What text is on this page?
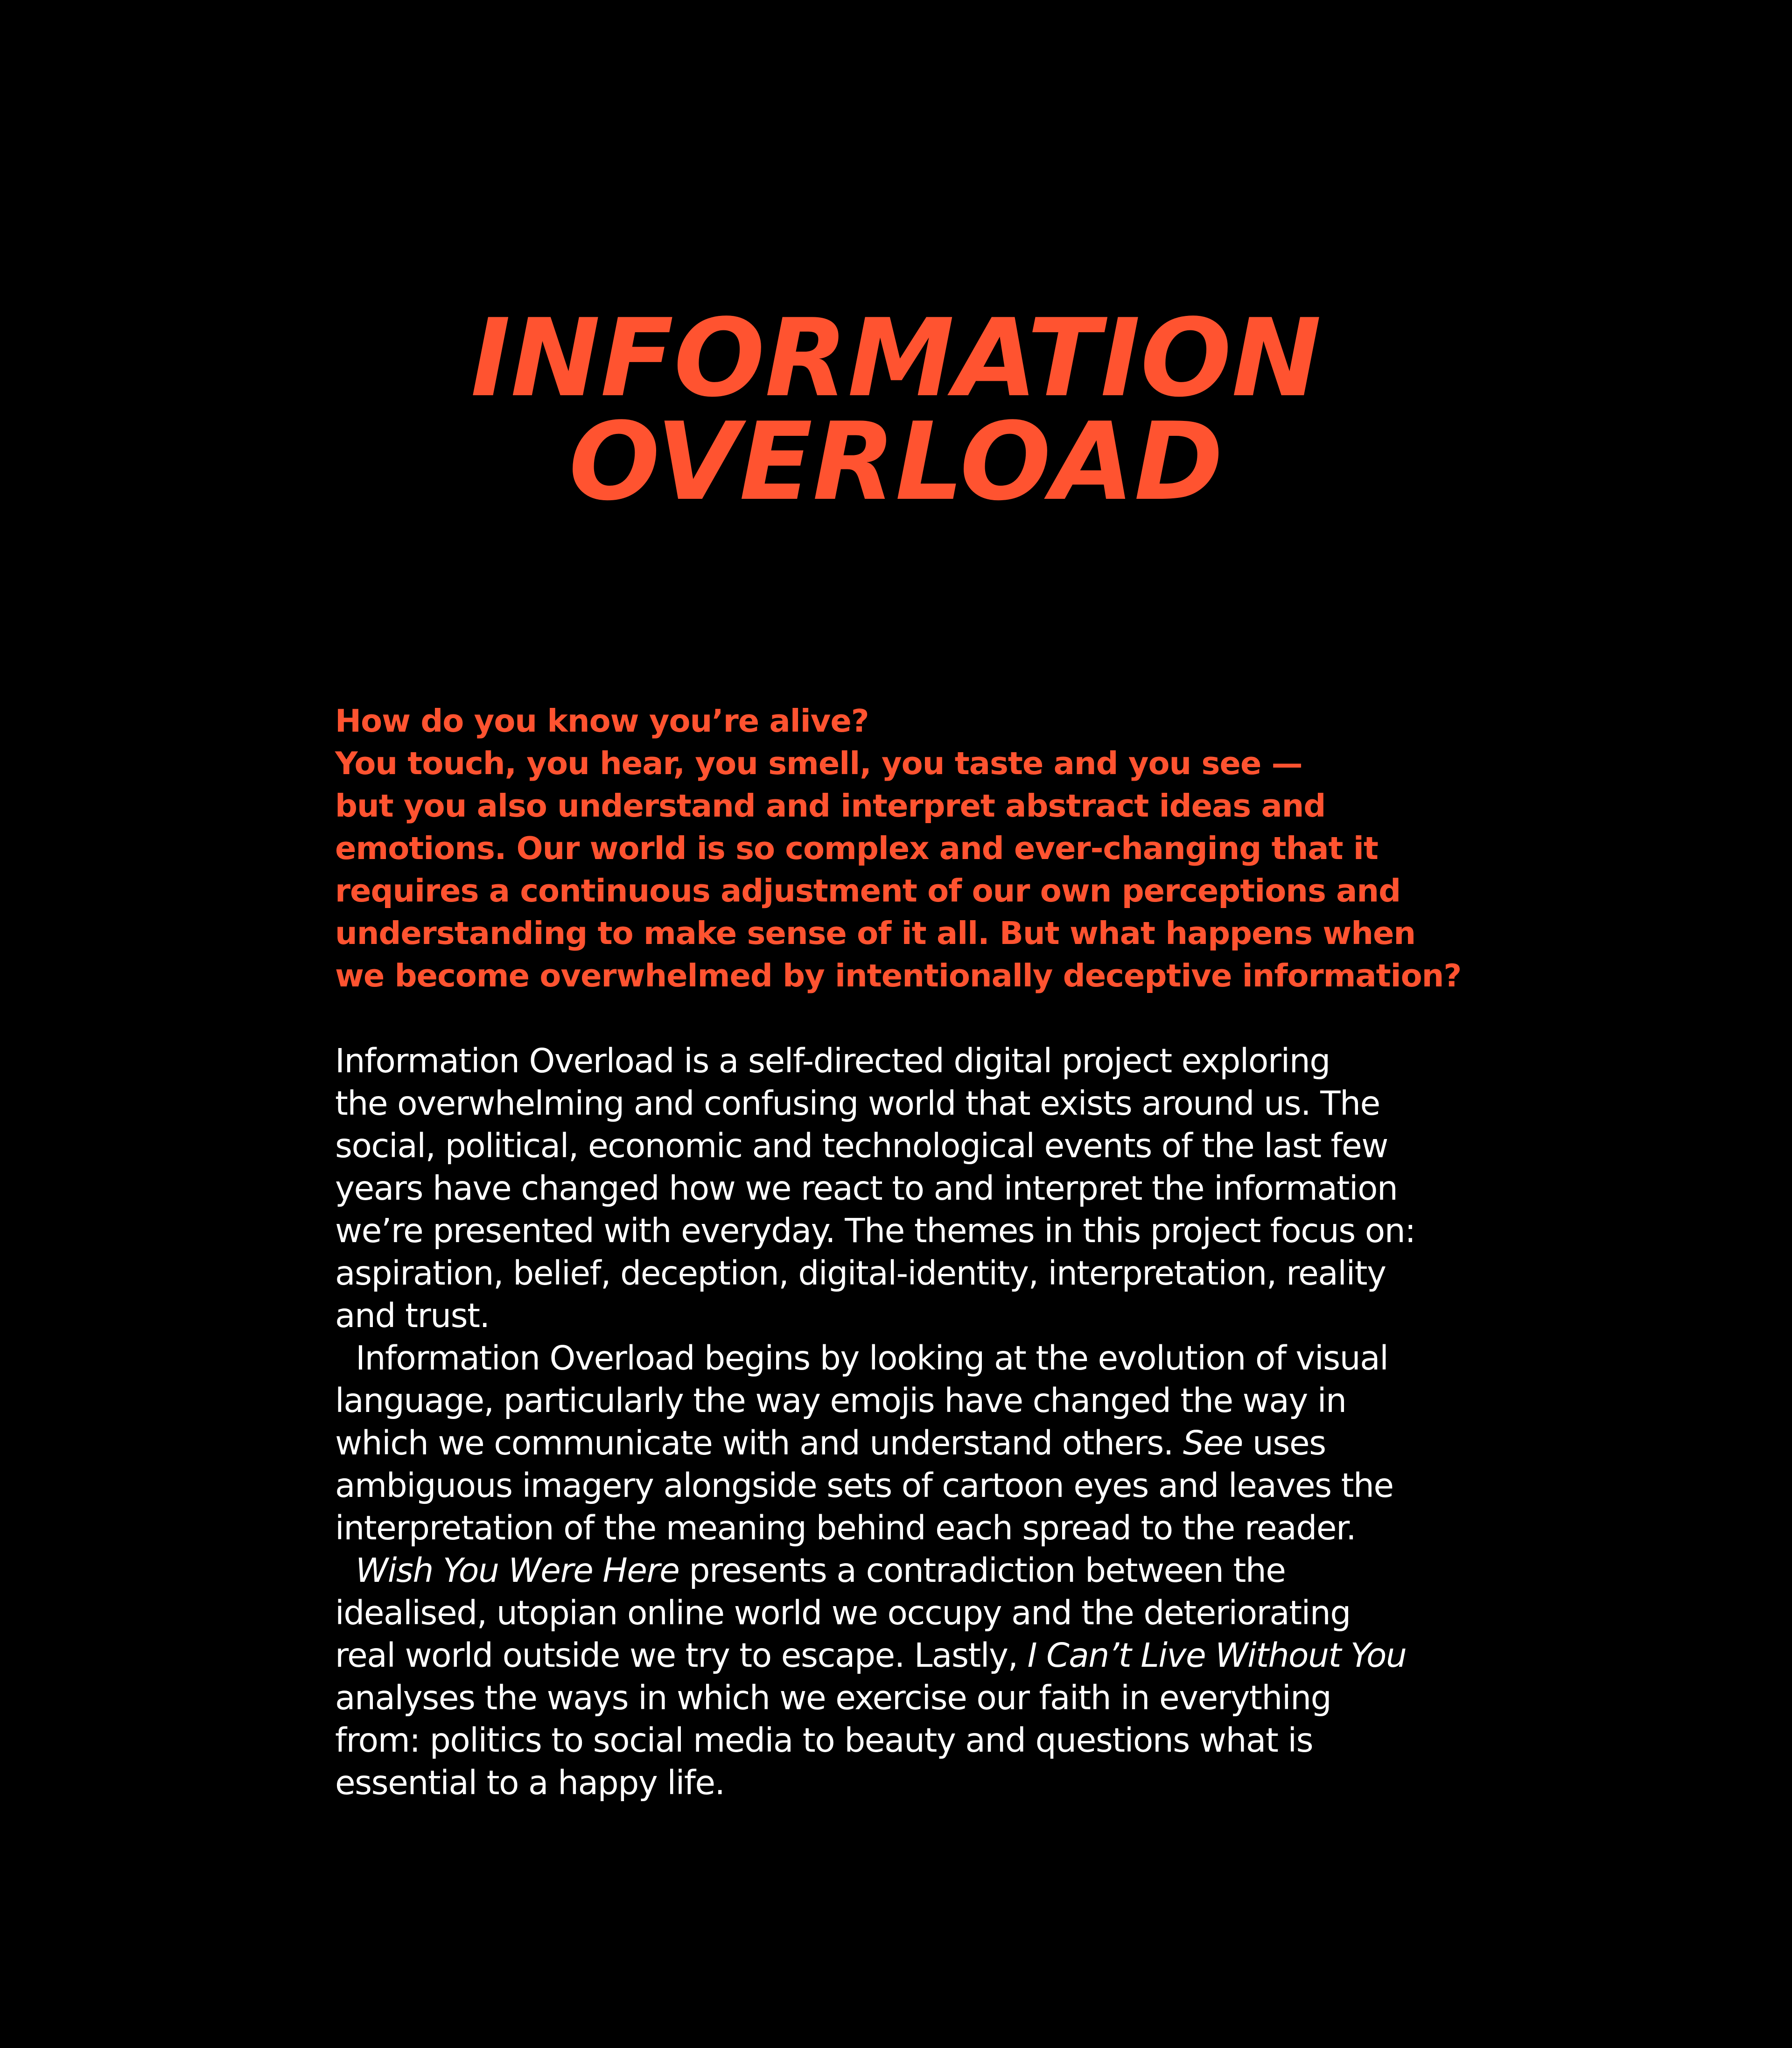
INFORMATION
OVERLOAD

How do you know you’re alive?
You touch, you hear, you smell, you taste and you see —
but you also understand and interpret abstract ideas and
emotions. Our world is so complex and ever-changing that it
requires a continuous adjustment of our own perceptions and
understanding to make sense of it all. But what happens when
we become overwhelmed by intentionally deceptive information?

Information Overload is a self-directed digital project exploring
the overwhelming and confusing world that exists around us. The
social, political, economic and technological events of the last few
years have changed how we react to and interpret the information
we’re presented with everyday. The themes in this project focus on:
aspiration, belief, deception, digital-identity, interpretation, reality
and trust.
Information Overload begins by looking at the evolution of visual
language, particularly the way emojis have changed the way in
which we communicate with and understand others. See uses
ambiguous imagery alongside sets of cartoon eyes and leaves the
interpretation of the meaning behind each spread to the reader.
Wish You Were Here presents a contradiction between the
idealised, utopian online world we occupy and the deteriorating
real world outside we try to escape. Lastly, I Can’t Live Without You
analyses the ways in which we exercise our faith in everything
from: politics to social media to beauty and questions what is
essential to a happy life.
